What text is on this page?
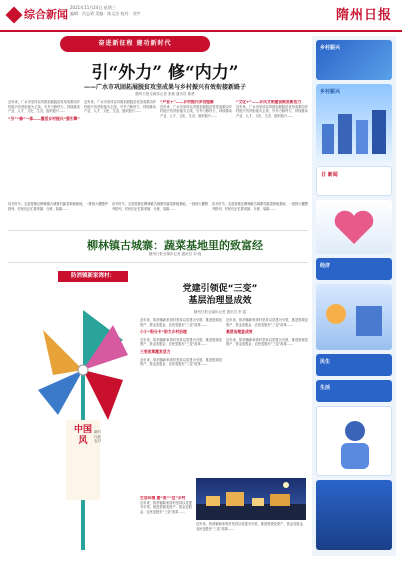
综合新闻
2021年11月24日 星期三
编辑：肖志勇 美编：陈文洁 校对：刘宇	隋州日报
奋进新征程 建功新时代
引“外力” 修“内力”
——广水市巩固拓展脱贫攻坚成果与乡村振兴有效衔接新路子
随州日报全媒体记者 张敏 通讯员 陈勇
近年来，广水市坚持以巩固拓展脱贫攻坚成果同乡村振兴有效衔接为主线，引外力修内力，持续推动产业、人才、文化、生态、组织振兴……
“引”“修”一体——激活乡村振兴“强引擎”
近年来，广水市坚持以巩固拓展脱贫攻坚成果同乡村振兴有效衔接为主线，引外力修内力，持续推动产业、人才、文化、生态、组织振兴……
“产业+”——乡村振兴步伐铿锵
近年来，广水市坚持以巩固拓展脱贫攻坚成果同乡村振兴有效衔接为主线，引外力修内力，持续推动产业、人才、文化、生态、组织振兴……
“文化+”——乡风文明建设焕发新活力
近年来，广水市坚持以巩固拓展脱贫攻坚成果同乡村振兴有效衔接为主线，引外力修内力，持续推动产业、人才、文化、生态、组织振兴……
柳林镇古城寨：蔬菜基地里的致富经
随州日报全媒体记者 通讯员 刘 晓
初冬时节，走进曾都区柳林镇古城寨村蔬菜种植基地，一排排大棚整齐排列，村民们正忙着采摘、分拣、装箱……
初冬时节，走进曾都区柳林镇古城寨村蔬菜种植基地，一排排大棚整齐排列，村民们正忙着采摘、分拣、装箱……
初冬时节，走进曾都区柳林镇古城寨村蔬菜种植基地，一排排大棚整齐排列，村民们正忙着采摘、分拣、装箱……
防消镇新家湾村：
党建引领促“三变”
基层治理显成效
随州日报全媒体记者 通讯员 李 霞
中国风
新时代新农村
近年来，防消镇新家湾村坚持以党建为引领，推进资源变资产、资金变股金、农民变股东“三变”改革……
小小“积分卡”助力乡村治理
近年来，防消镇新家湾村坚持以党建为引领，推进资源变资产、资金变股金、农民变股东“三变”改革……
三变改革激发活力
近年来，防消镇新家湾村坚持以党建为引领，推进资源变资产、资金变股金、农民变股东“三变”改革……
近年来，防消镇新家湾村坚持以党建为引领，推进资源变资产、资金变股金、农民变股东“三变”改革……
基层治理显成效
近年来，防消镇新家湾村坚持以党建为引领，推进资源变资产、资金变股金、农民变股东“三变”改革……
生活环境 建“美”“宜”乡村
近年来，防消镇新家湾村坚持以党建为引领，推进资源变资产、资金变股金、农民变股东“三变”改革……
近年来，防消镇新家湾村坚持以党建为引领，推进资源变资产、资金变股金、农民变股东“三变”改革……
乡村振兴
乡村振兴
日 新闻
经济
民生
生活
